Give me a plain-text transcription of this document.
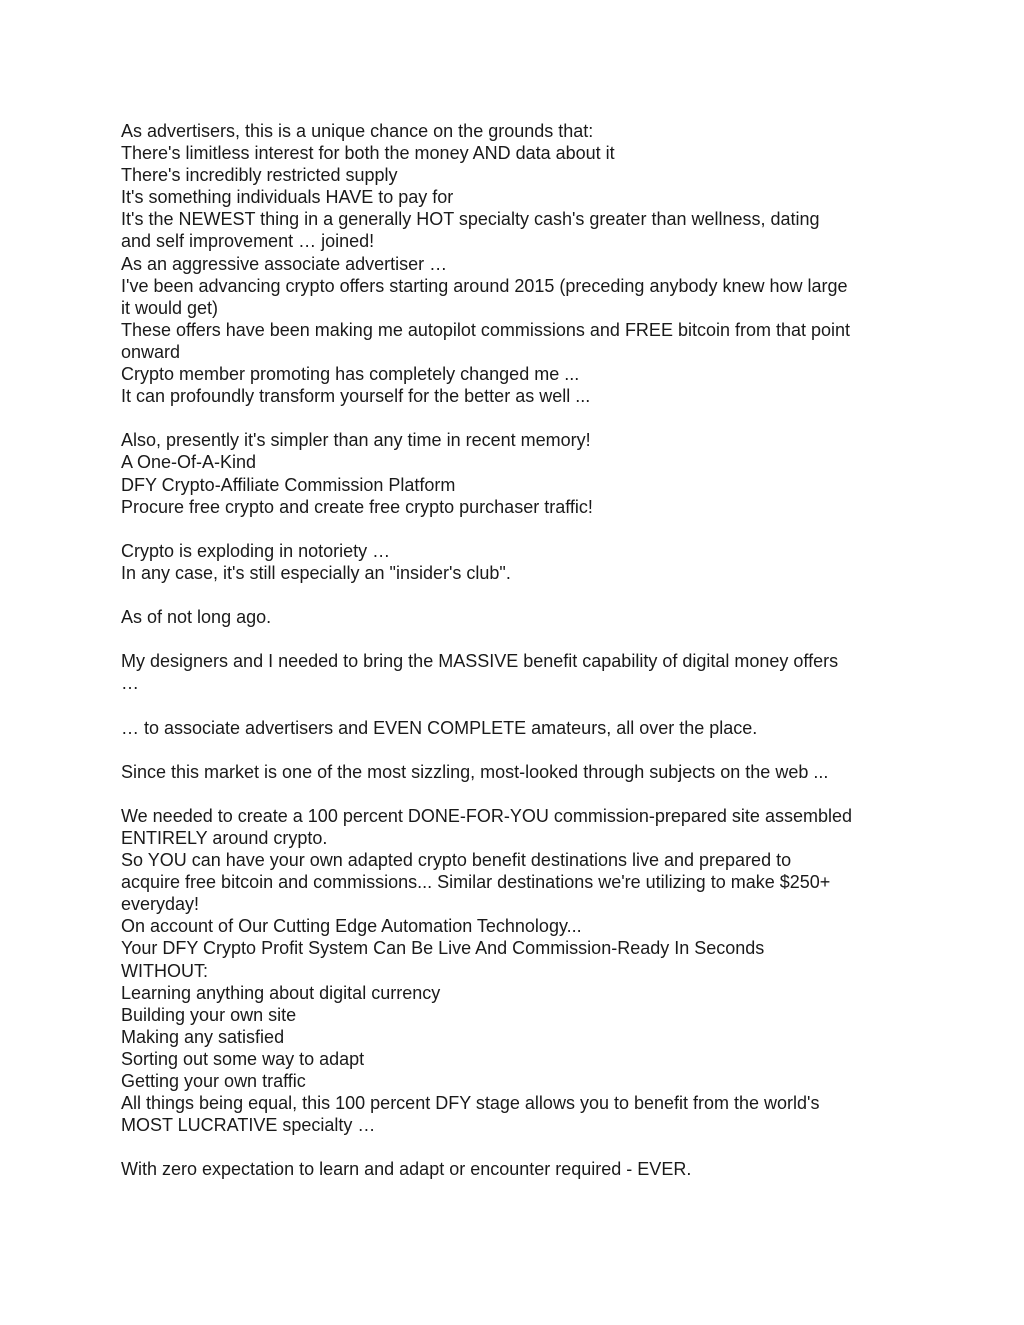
As advertisers, this is a unique chance on the grounds that:
There's limitless interest for both the money AND data about it
There's incredibly restricted supply
It's something individuals HAVE to pay for
It's the NEWEST thing in a generally HOT specialty cash's greater than wellness, dating
and self improvement … joined!
As an aggressive associate advertiser …
I've been advancing crypto offers starting around 2015 (preceding anybody knew how large
it would get)
These offers have been making me autopilot commissions and FREE bitcoin from that point
onward
Crypto member promoting has completely changed me ...
It can profoundly transform yourself for the better as well ...
Also, presently it's simpler than any time in recent memory!
A One-Of-A-Kind
DFY Crypto-Affiliate Commission Platform
Procure free crypto and create free crypto purchaser traffic!
Crypto is exploding in notoriety …
In any case, it's still especially an "insider's club".
As of not long ago.
My designers and I needed to bring the MASSIVE benefit capability of digital money offers
…
… to associate advertisers and EVEN COMPLETE amateurs, all over the place.
Since this market is one of the most sizzling, most-looked through subjects on the web ...
We needed to create a 100 percent DONE-FOR-YOU commission-prepared site assembled
ENTIRELY around crypto.
So YOU can have your own adapted crypto benefit destinations live and prepared to
acquire free bitcoin and commissions... Similar destinations we're utilizing to make $250+
everyday!
On account of Our Cutting Edge Automation Technology...
Your DFY Crypto Profit System Can Be Live And Commission-Ready In Seconds
WITHOUT:
Learning anything about digital currency
Building your own site
Making any satisfied
Sorting out some way to adapt
Getting your own traffic
All things being equal, this 100 percent DFY stage allows you to benefit from the world's
MOST LUCRATIVE specialty …
With zero expectation to learn and adapt or encounter required - EVER.
